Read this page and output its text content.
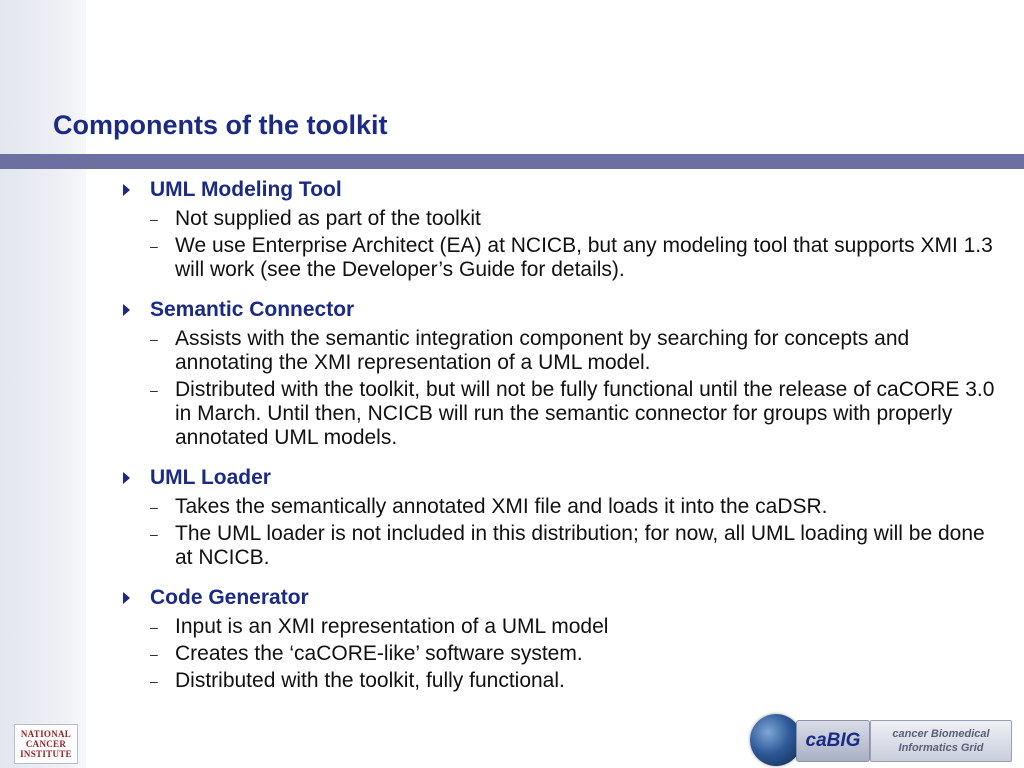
Components of the toolkit
UML Modeling Tool
– Not supplied as part of the toolkit
– We use Enterprise Architect (EA) at NCICB, but any modeling tool that supports XMI 1.3 will work (see the Developer’s Guide for details).
Semantic Connector
– Assists with the semantic integration component by searching for concepts and annotating the XMI representation of a UML model.
– Distributed with the toolkit, but will not be fully functional until the release of caCORE 3.0 in March. Until then, NCICB will run the semantic connector for groups with properly annotated UML models.
UML Loader
– Takes the semantically annotated XMI file and loads it into the caDSR.
– The UML loader is not included in this distribution; for now, all UML loading will be done at NCICB.
Code Generator
– Input is an XMI representation of a UML model
– Creates the ‘caCORE-like’ software system.
– Distributed with the toolkit, fully functional.
NATIONAL
CANCER
INSTITUTE
caBIG	cancer Biomedical
Informatics Grid
